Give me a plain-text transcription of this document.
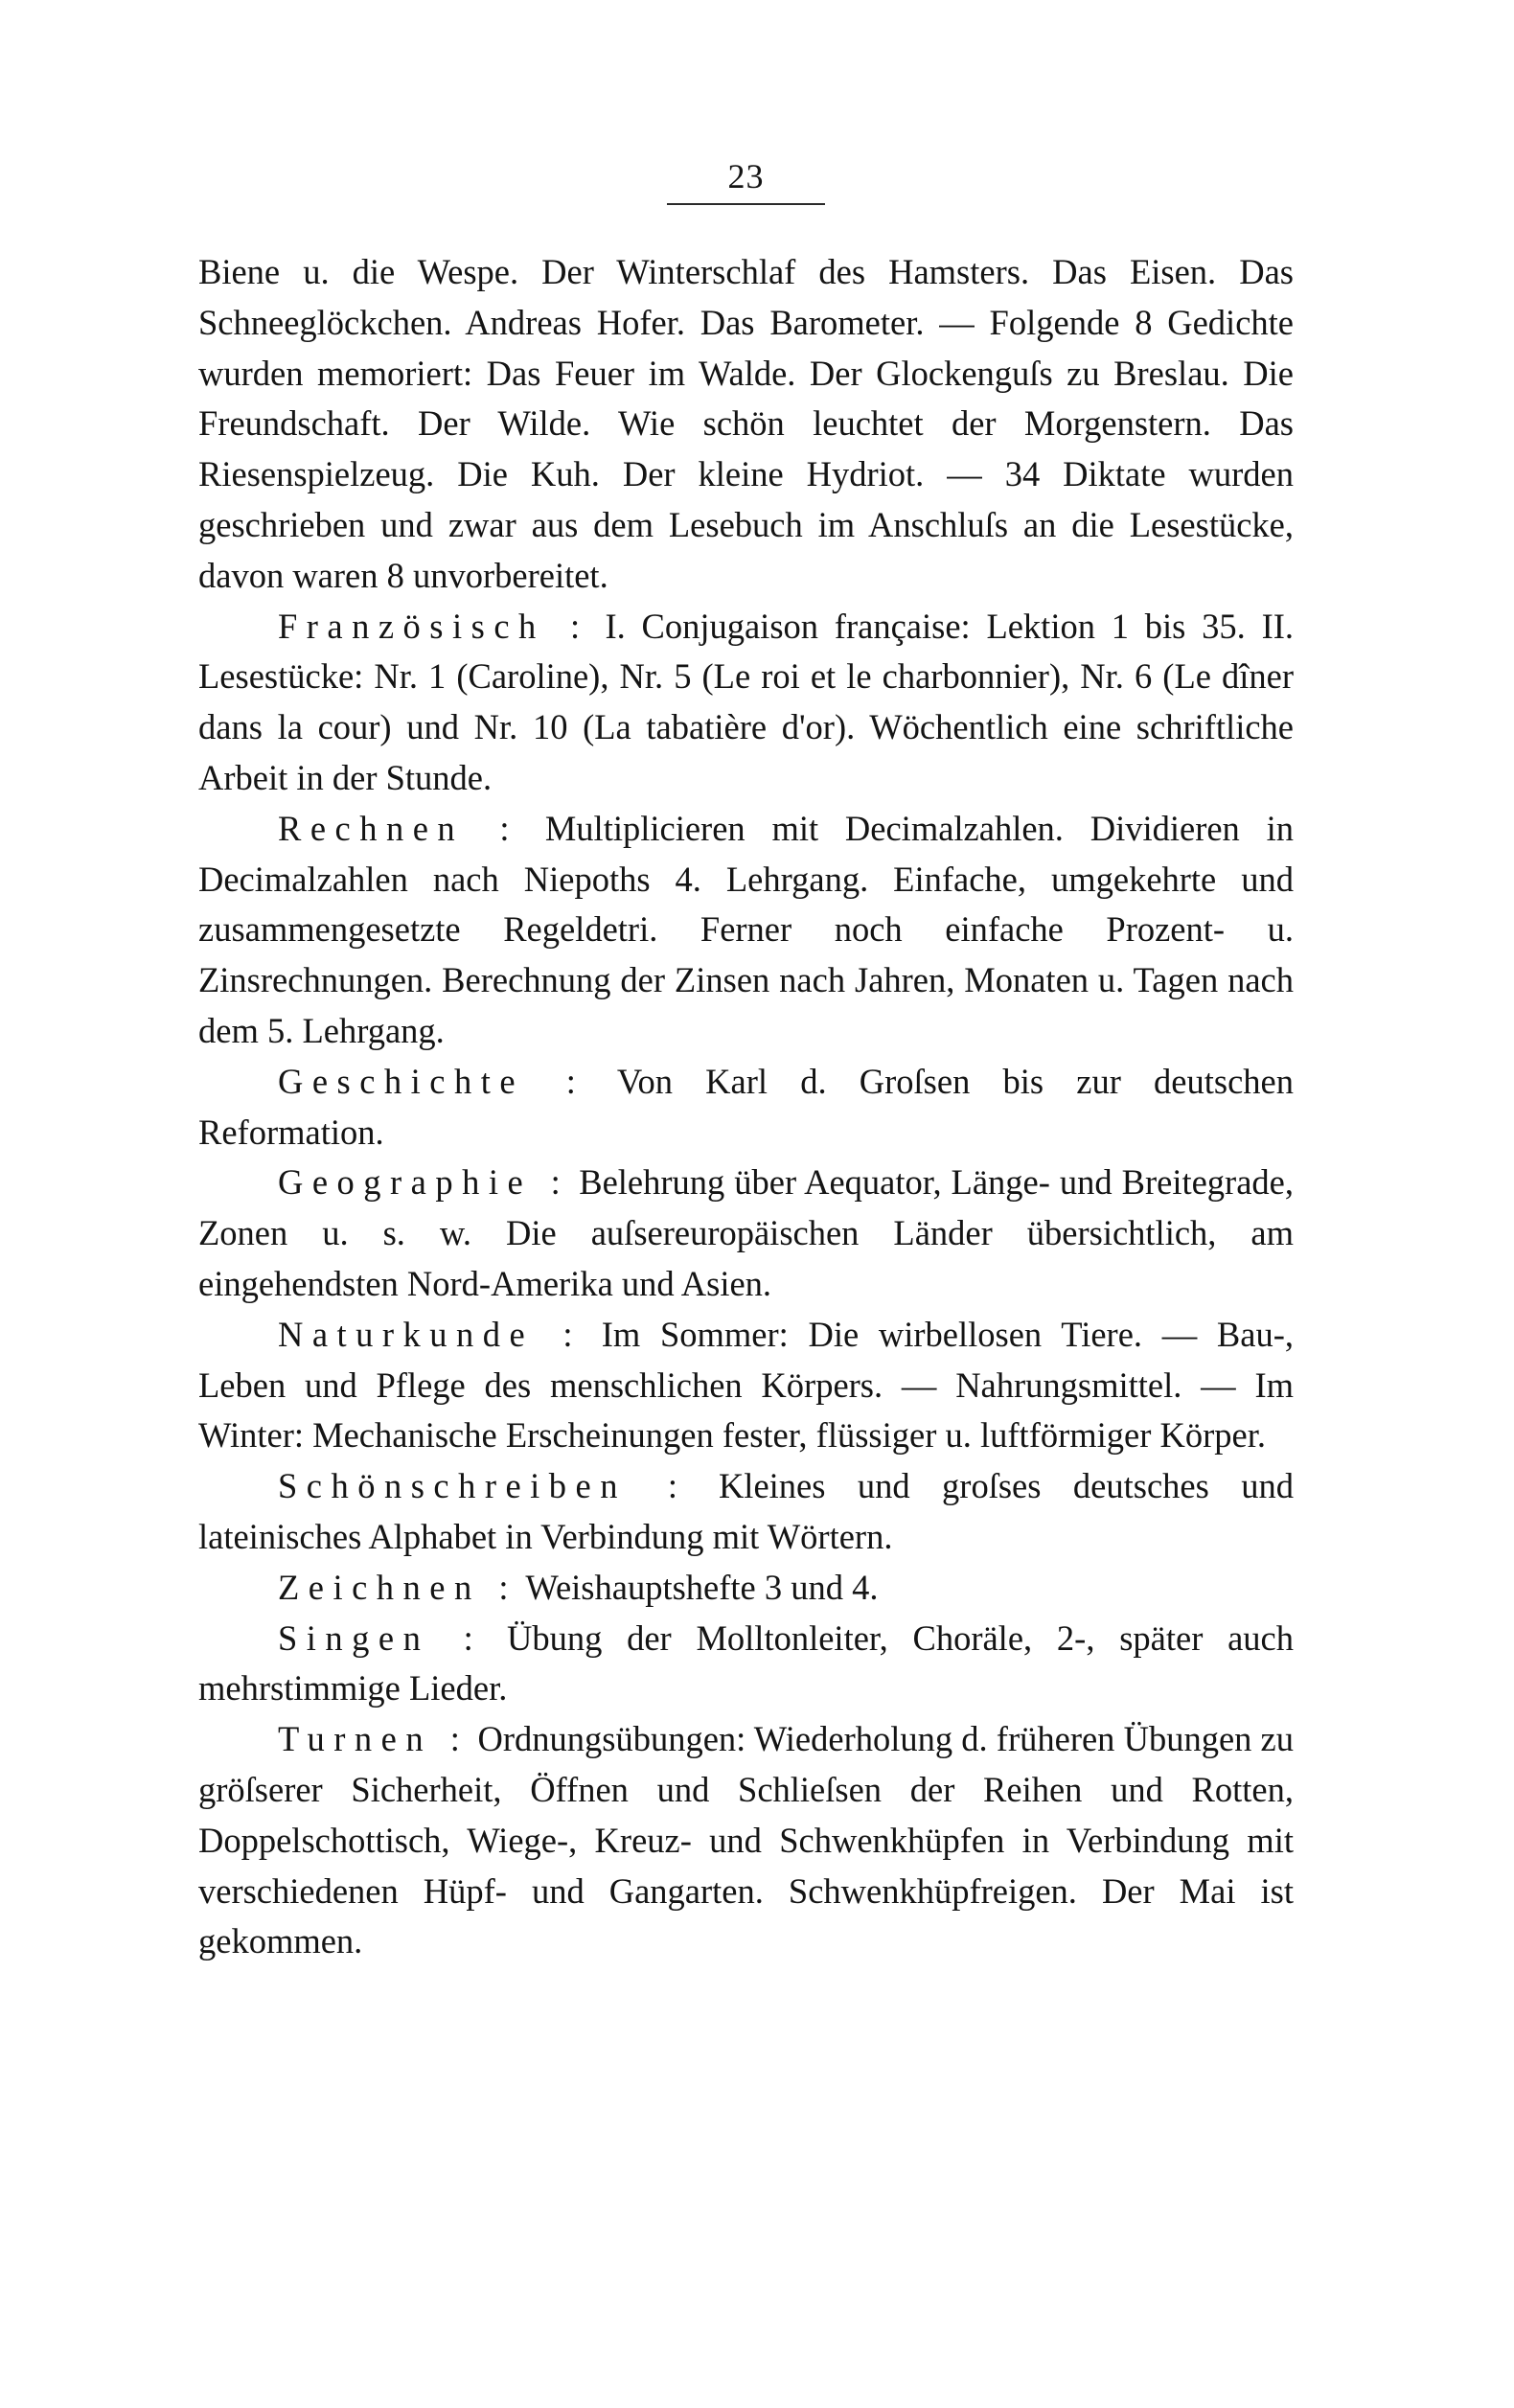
23

Biene u. die Wespe. Der Winterschlaf des Hamsters. Das Eisen. Das Schneeglöckchen. Andreas Hofer. Das Barometer. — Folgende 8 Gedichte wurden memoriert: Das Feuer im Walde. Der Glockenguſs zu Breslau. Die Freundschaft. Der Wilde. Wie schön leuchtet der Morgenstern. Das Riesenspielzeug. Die Kuh. Der kleine Hydriot. — 34 Diktate wurden geschrieben und zwar aus dem Lesebuch im Anschluſs an die Lesestücke, davon waren 8 unvorbereitet.

Französisch : I. Conjugaison française: Lektion 1 bis 35. II. Lesestücke: Nr. 1 (Caroline), Nr. 5 (Le roi et le charbonnier), Nr. 6 (Le dîner dans la cour) und Nr. 10 (La tabatière d'or). Wöchentlich eine schriftliche Arbeit in der Stunde.

Rechnen : Multiplicieren mit Decimalzahlen. Dividieren in Decimalzahlen nach Niepoths 4. Lehrgang. Einfache, umgekehrte und zusammengesetzte Regeldetri. Ferner noch einfache Prozent- u. Zinsrechnungen. Berechnung der Zinsen nach Jahren, Monaten u. Tagen nach dem 5. Lehrgang.

Geschichte : Von Karl d. Groſsen bis zur deutschen Reformation.

Geographie : Belehrung über Aequator, Länge- und Breitegrade, Zonen u. s. w. Die auſsereuropäischen Länder übersichtlich, am eingehendsten Nord-Amerika und Asien.

Naturkunde : Im Sommer: Die wirbellosen Tiere. — Bau-, Leben und Pflege des menschlichen Körpers. — Nahrungsmittel. — Im Winter: Mechanische Erscheinungen fester, flüssiger u. luftförmiger Körper.

Schönschreiben : Kleines und groſses deutsches und lateinisches Alphabet in Verbindung mit Wörtern.

Zeichnen : Weishauptshefte 3 und 4.

Singen : Übung der Molltonleiter, Choräle, 2-, später auch mehrstimmige Lieder.

Turnen : Ordnungsübungen: Wiederholung d. früheren Übungen zu gröſserer Sicherheit, Öffnen und Schlieſsen der Reihen und Rotten, Doppelschottisch, Wiege-, Kreuz- und Schwenkhüpfen in Verbindung mit verschiedenen Hüpf- und Gangarten. Schwenkhüpfreigen. Der Mai ist gekommen.
